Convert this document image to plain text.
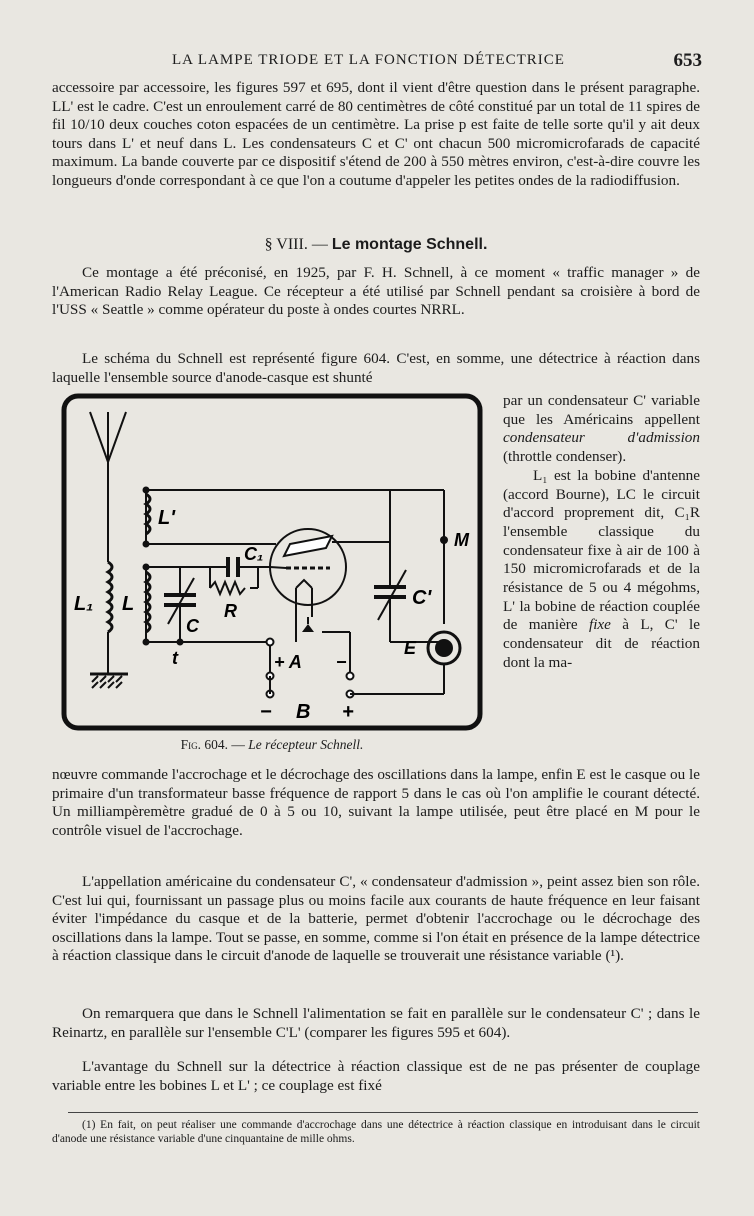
LA LAMPE TRIODE ET LA FONCTION DÉTECTRICE	653

accessoire par accessoire, les figures 597 et 695, dont il vient d'être question dans le présent paragraphe. LL' est le cadre. C'est un enroulement carré de 80 centimètres de côté constitué par un total de 11 spires de fil 10/10 deux couches coton espacées de un centimètre. La prise p est faite de telle sorte qu'il y ait deux tours dans L' et neuf dans L. Les condensateurs C et C' ont chacun 500 micromicrofarads de capacité maximum. La bande couverte par ce dispositif s'étend de 200 à 550 mètres environ, c'est-à-dire couvre les longueurs d'onde correspondant à ce que l'on a coutume d'appeler les petites ondes de la radiodiffusion.

§ VIII. — Le montage Schnell.

Ce montage a été préconisé, en 1925, par F. H. Schnell, à ce moment « traffic manager » de l'American Radio Relay League. Ce récepteur a été utilisé par Schnell pendant sa croisière à bord de l'USS « Seattle » comme opérateur du poste à ondes courtes NRRL.

Le schéma du Schnell est représenté figure 604. C'est, en somme, une détectrice à réaction dans laquelle l'ensemble source d'anode-casque est shunté

L'
L₁ L
C
C₁
R
t
M
C'
E
+ A −
− B +
Fig. 604. — Le récepteur Schnell.

par un condensateur C' variable que les Américains appellent condensateur d'admission (throttle condenser).

L₁ est la bobine d'antenne (accord Bourne), LC le circuit d'accord proprement dit, C₁R l'ensemble classique du condensateur fixe à air de 100 à 150 micromicrofarads et de la résistance de 5 ou 4 mégohms, L' la bobine de réaction couplée de manière fixe à L, C' le condensateur dit de réaction dont la ma-

nœuvre commande l'accrochage et le décrochage des oscillations dans la lampe, enfin E est le casque ou le primaire d'un transformateur basse fréquence de rapport 5 dans le cas où l'on amplifie le courant détecté. Un milliampèremètre gradué de 0 à 5 ou 10, suivant la lampe utilisée, peut être placé en M pour le contrôle visuel de l'accrochage.

L'appellation américaine du condensateur C', « condensateur d'admission », peint assez bien son rôle. C'est lui qui, fournissant un passage plus ou moins facile aux courants de haute fréquence en leur faisant éviter l'impédance du casque et de la batterie, permet d'obtenir l'accrochage ou le décrochage des oscillations dans la lampe. Tout se passe, en somme, comme si l'on était en présence de la lampe détectrice à réaction classique dans le circuit d'anode de laquelle se trouverait une résistance variable (¹).

On remarquera que dans le Schnell l'alimentation se fait en parallèle sur le condensateur C' ; dans le Reinartz, en parallèle sur l'ensemble C'L' (comparer les figures 595 et 604).

L'avantage du Schnell sur la détectrice à réaction classique est de ne pas présenter de couplage variable entre les bobines L et L' ; ce couplage est fixé

(1) En fait, on peut réaliser une commande d'accrochage dans une détectrice à réaction classique en introduisant dans le circuit d'anode une résistance variable d'une cinquantaine de mille ohms.
